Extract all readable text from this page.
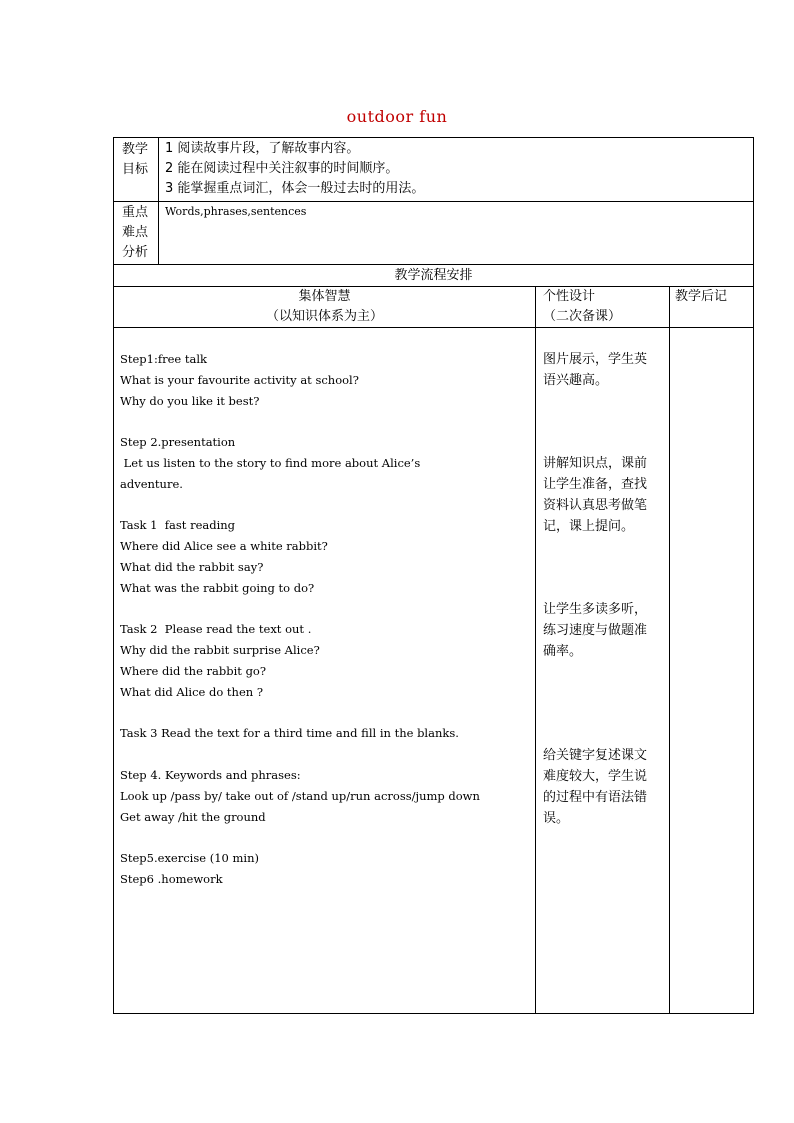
outdoor fun
教学
目标
1 阅读故事片段，了解故事内容。
2 能在阅读过程中关注叙事的时间顺序。
3 能掌握重点词汇，体会一般过去时的用法。
重点
难点
分析
Words,phrases,sentences
教学流程安排
集体智慧
（以知识体系为主）
个性设计
（二次备课）
教学后记
Step1:free talk
What is your favourite activity at school?
Why do you like it best?
Step 2.presentation
Let us listen to the story to find more about Alice’s
adventure.
Task 1  fast reading
Where did Alice see a white rabbit?
What did the rabbit say?
What was the rabbit going to do?
Task 2  Please read the text out .
Why did the rabbit surprise Alice?
Where did the rabbit go?
What did Alice do then ?
Task 3 Read the text for a third time and fill in the blanks.
Step 4. Keywords and phrases:
Look up /pass by/ take out of /stand up/run across/jump down
Get away /hit the ground
Step5.exercise (10 min)
Step6 .homework
图片展示，学生英
语兴趣高。
讲解知识点，课前
让学生准备，查找
资料认真思考做笔
记，课上提问。
让学生多读多听，
练习速度与做题准
确率。
给关键字复述课文
难度较大，学生说
的过程中有语法错
误。
